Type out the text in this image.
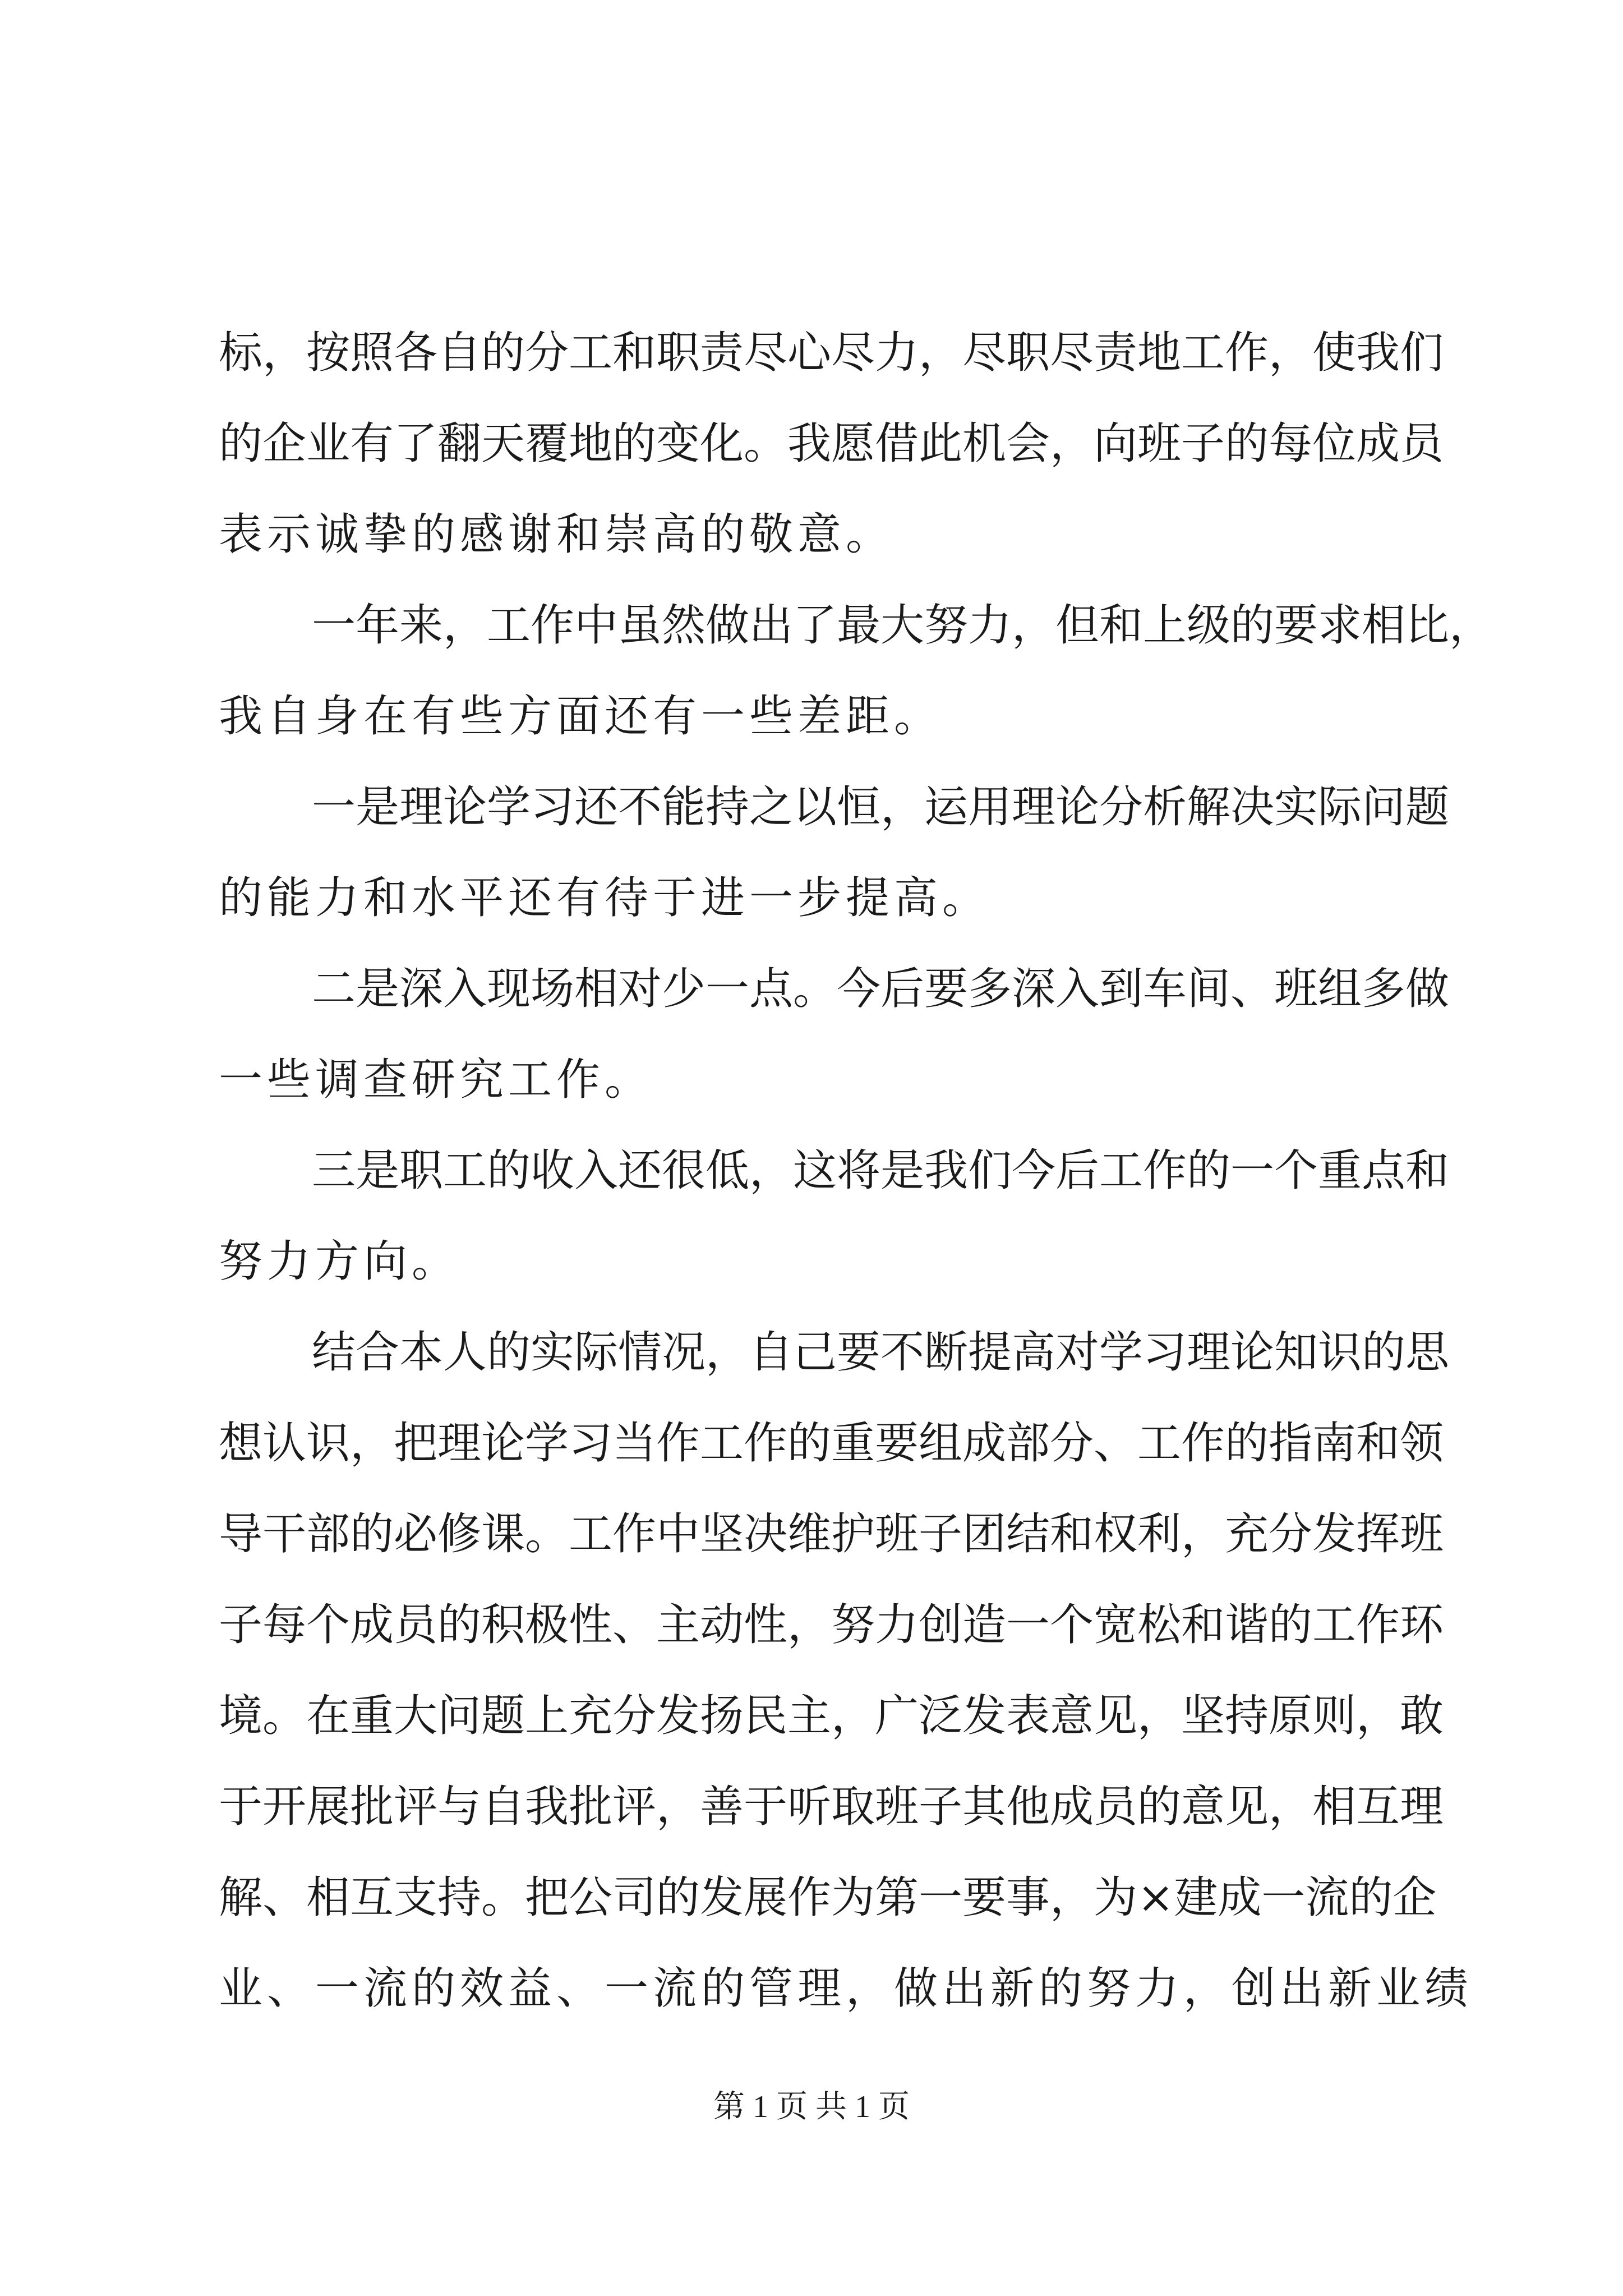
标，按照各自的分工和职责尽心尽力，尽职尽责地工作，使我们
的企业有了翻天覆地的变化。我愿借此机会，向班子的每位成员
表示诚挚的感谢和崇高的敬意。
一年来，工作中虽然做出了最大努力，但和上级的要求相比，
我自身在有些方面还有一些差距。
一是理论学习还不能持之以恒，运用理论分析解决实际问题
的能力和水平还有待于进一步提高。
二是深入现场相对少一点。今后要多深入到车间、班组多做
一些调查研究工作。
三是职工的收入还很低，这将是我们今后工作的一个重点和
努力方向。
结合本人的实际情况，自己要不断提高对学习理论知识的思
想认识，把理论学习当作工作的重要组成部分、工作的指南和领
导干部的必修课。工作中坚决维护班子团结和权利，充分发挥班
子每个成员的积极性、主动性，努力创造一个宽松和谐的工作环
境。在重大问题上充分发扬民主，广泛发表意见，坚持原则，敢
于开展批评与自我批评，善于听取班子其他成员的意见，相互理
解、相互支持。把公司的发展作为第一要事，为×建成一流的企
业、一流的效益、一流的管理，做出新的努力，创出新业绩
第 1 页 共 1 页
